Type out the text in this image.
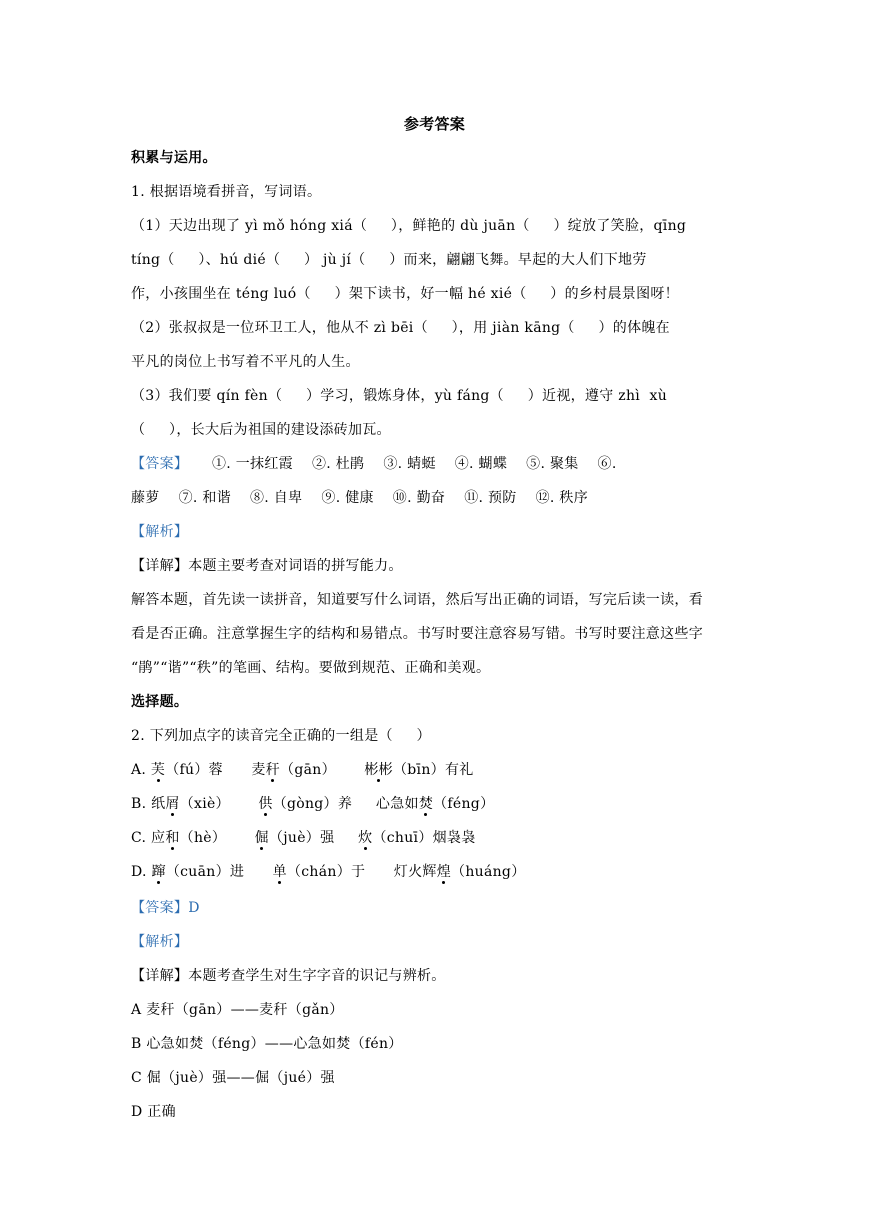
参考答案
积累与运用。
1. 根据语境看拼音，写词语。
（1）天边出现了 yì mǒ hóng xiá（     ），鲜艳的 dù juān（     ）绽放了笑脸，qīng
tíng（     ）、hú dié（     ） jù jí（     ）而来，翩翩飞舞。早起的大人们下地劳
作，小孩围坐在 téng luó（     ）架下读书，好一幅 hé xié（     ）的乡村晨景图呀！
（2）张叔叔是一位环卫工人，他从不 zì bēi（     ），用 jiàn kāng（     ）的体魄在
平凡的岗位上书写着不平凡的人生。
（3）我们要 qín fèn（     ）学习，锻炼身体，yù fáng（     ）近视，遵守 zhì  xù
（     ），长大后为祖国的建设添砖加瓦。
【答案】     ①. 一抹红霞    ②. 杜鹃    ③. 蜻蜓    ④. 蝴蝶    ⑤. 聚集    ⑥.
藤萝    ⑦. 和谐    ⑧. 自卑    ⑨. 健康    ⑩. 勤奋    ⑪. 预防    ⑫. 秩序
【解析】
【详解】本题主要考查对词语的拼写能力。
解答本题，首先读一读拼音，知道要写什么词语，然后写出正确的词语，写完后读一读，看
看是否正确。注意掌握生字的结构和易错点。书写时要注意容易写错。书写时要注意这些字
“鹃”“谐”“秩”的笔画、结构。要做到规范、正确和美观。
选择题。
2. 下列加点字的读音完全正确的一组是（     ）
A. 芙（fú）蓉      麦秆（gān）      彬彬（bīn）有礼
B. 纸屑（xiè）      供（gòng）养     心急如焚（féng）
C. 应和（hè）      倔（juè）强     炊（chuī）烟袅袅
D. 蹿（cuān）进      单（chán）于      灯火辉煌（huáng）
【答案】D
【解析】
【详解】本题考查学生对生字字音的识记与辨析。
A 麦秆（gān）——麦秆（gǎn）
B 心急如焚（féng）——心急如焚（fén）
C 倔（juè）强——倔（jué）强
D 正确
